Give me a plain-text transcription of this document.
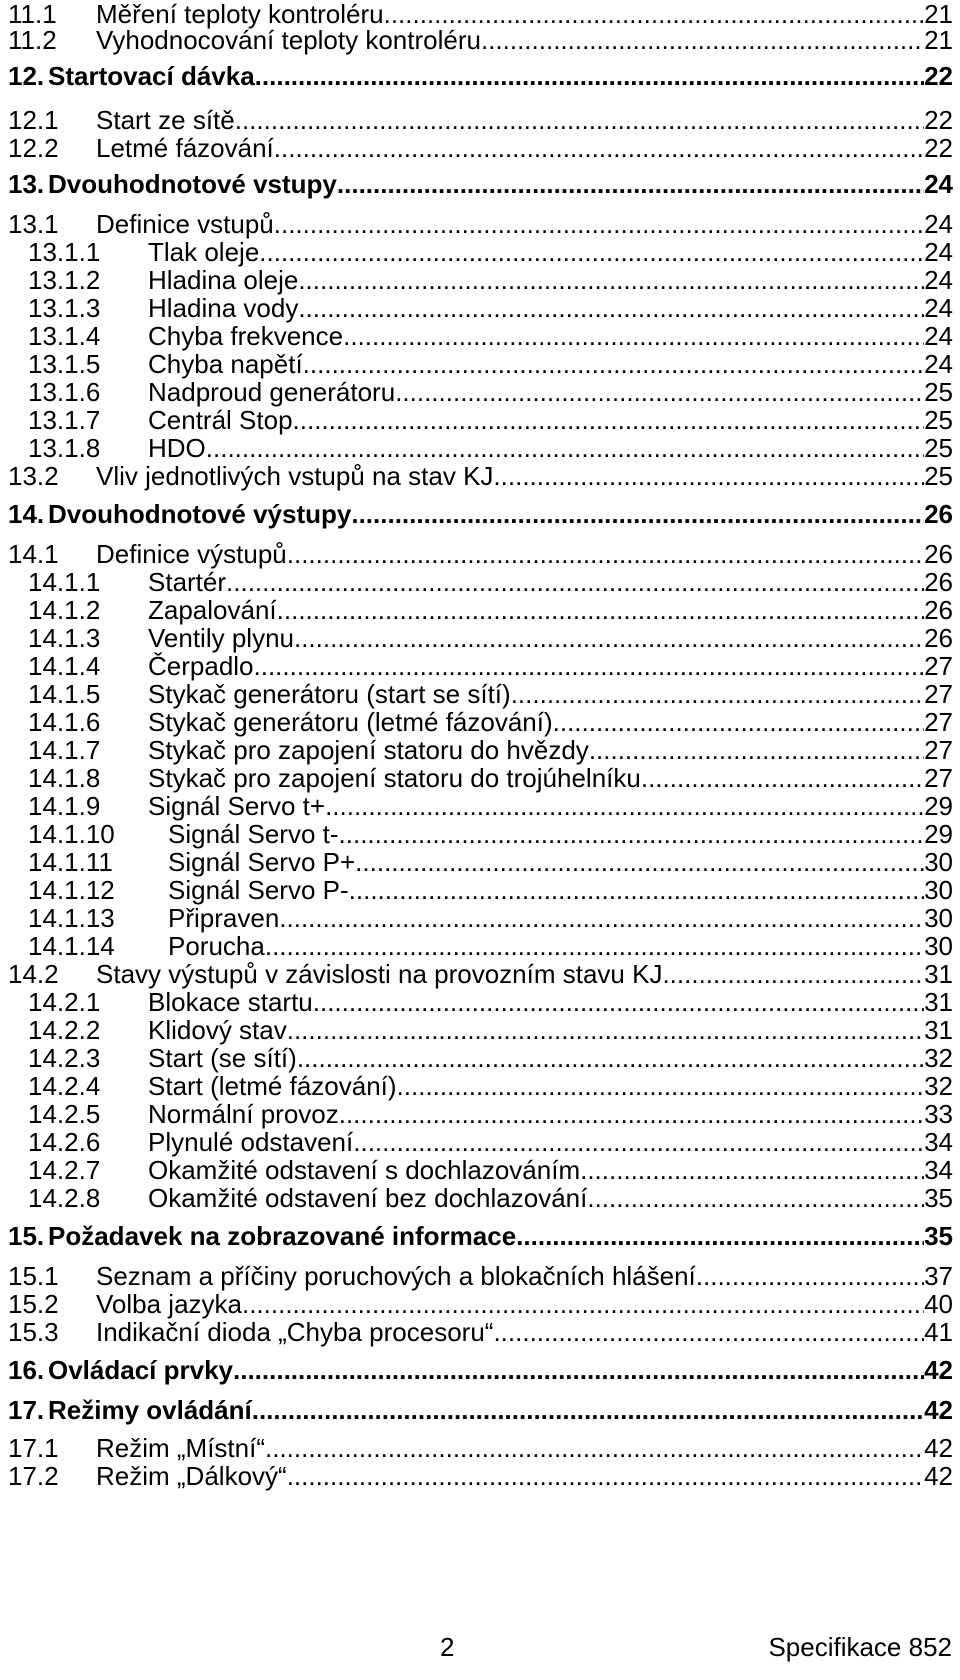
11.1	Měření teploty kontroléru .....	21
11.2	Vyhodnocování teploty kontroléru .....	21
12. Startovací dávka .....	22
12.1	Start ze sítě .....	22
12.2	Letmé fázování .....	22
13. Dvouhodnotové vstupy .....	24
13.1	Definice vstupů .....	24
13.1.1	Tlak oleje .....	24
13.1.2	Hladina oleje .....	24
13.1.3	Hladina vody .....	24
13.1.4	Chyba frekvence .....	24
13.1.5	Chyba napětí .....	24
13.1.6	Nadproud generátoru .....	25
13.1.7	Centrál Stop .....	25
13.1.8	HDO .....	25
13.2	Vliv jednotlivých vstupů na stav KJ .....	25
14. Dvouhodnotové výstupy .....	26
14.1	Definice výstupů .....	26
14.1.1	Startér .....	26
14.1.2	Zapalování .....	26
14.1.3	Ventily plynu .....	26
14.1.4	Čerpadlo .....	27
14.1.5	Stykač generátoru (start se sítí) .....	27
14.1.6	Stykač generátoru (letmé fázování) .....	27
14.1.7	Stykač pro zapojení statoru do hvězdy .....	27
14.1.8	Stykač pro zapojení statoru do trojúhelníku .....	27
14.1.9	Signál Servo t+ .....	29
14.1.10	Signál Servo t- .....	29
14.1.11	Signál Servo P+ .....	30
14.1.12	Signál Servo P- .....	30
14.1.13	Připraven .....	30
14.1.14	Porucha .....	30
14.2	Stavy výstupů v závislosti na provozním stavu KJ .....	31
14.2.1	Blokace startu .....	31
14.2.2	Klidový stav .....	31
14.2.3	Start (se sítí) .....	32
14.2.4	Start (letmé fázování) .....	32
14.2.5	Normální provoz .....	33
14.2.6	Plynulé odstavení .....	34
14.2.7	Okamžité odstavení s dochlazováním .....	34
14.2.8	Okamžité odstavení bez dochlazování .....	35
15. Požadavek na zobrazované informace .....	35
15.1	Seznam a příčiny poruchových a blokačních hlášení .....	37
15.2	Volba jazyka .....	40
15.3	Indikační dioda „Chyba procesoru“ .....	41
16. Ovládací prvky .....	42
17. Režimy ovládání .....	42
17.1	Režim „Místní“ .....	42
17.2	Režim „Dálkový“ .....	42
2	Specifikace 852
